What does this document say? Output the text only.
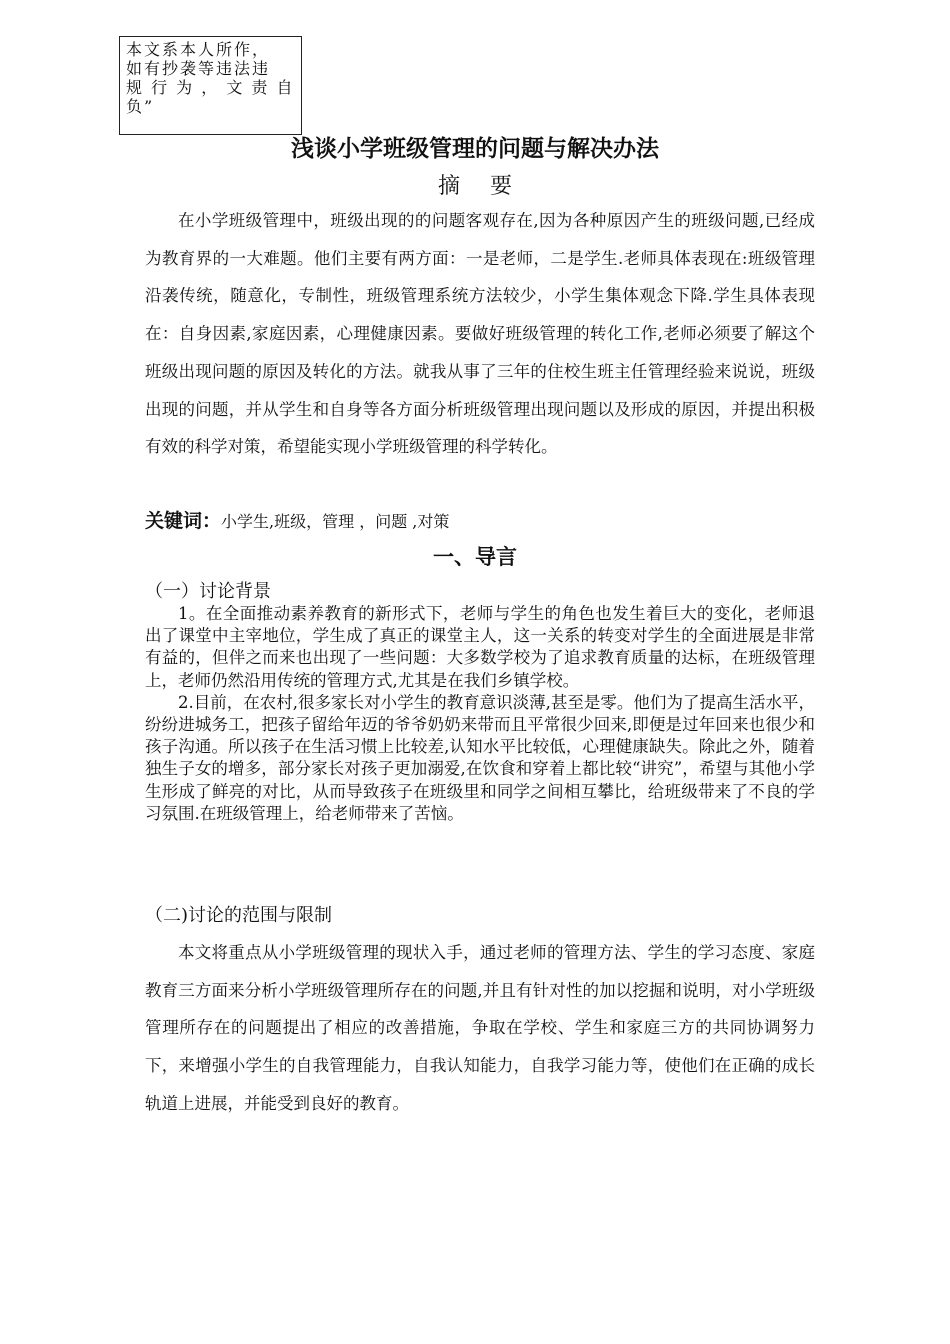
本文系本人所作，
如有抄袭等违法违
规 行 为 ， 文 责 自
负”
浅谈小学班级管理的问题与解决办法
摘要

在小学班级管理中，班级出现的的问题客观存在,因为各种原因产生的班级问题,已经成为教育界的一大难题。他们主要有两方面：一是老师，二是学生.老师具体表现在:班级管理沿袭传统，随意化，专制性，班级管理系统方法较少，小学生集体观念下降.学生具体表现在：自身因素,家庭因素，心理健康因素。要做好班级管理的转化工作,老师必须要了解这个班级出现问题的原因及转化的方法。就我从事了三年的住校生班主任管理经验来说说，班级出现的问题，并从学生和自身等各方面分析班级管理出现问题以及形成的原因，并提出积极有效的科学对策，希望能实现小学班级管理的科学转化。

关键词：小学生,班级，管理 ，问题 ,对策
一、导言
（一）讨论背景

1。在全面推动素养教育的新形式下，老师与学生的角色也发生着巨大的变化，老师退出了课堂中主宰地位，学生成了真正的课堂主人，这一关系的转变对学生的全面进展是非常有益的，但伴之而来也出现了一些问题：大多数学校为了追求教育质量的达标，在班级管理上，老师仍然沿用传统的管理方式,尤其是在我们乡镇学校。

2.目前，在农村,很多家长对小学生的教育意识淡薄,甚至是零。他们为了提高生活水平，纷纷进城务工，把孩子留给年迈的爷爷奶奶来带而且平常很少回来,即便是过年回来也很少和孩子沟通。所以孩子在生活习惯上比较差,认知水平比较低，心理健康缺失。除此之外，随着独生子女的增多，部分家长对孩子更加溺爱,在饮食和穿着上都比较“讲究”，希望与其他小学生形成了鲜亮的对比，从而导致孩子在班级里和同学之间相互攀比，给班级带来了不良的学习氛围.在班级管理上，给老师带来了苦恼。

（二)讨论的范围与限制

本文将重点从小学班级管理的现状入手，通过老师的管理方法、学生的学习态度、家庭教育三方面来分析小学班级管理所存在的问题,并且有针对性的加以挖掘和说明，对小学班级管理所存在的问题提出了相应的改善措施，争取在学校、学生和家庭三方的共同协调努力下，来增强小学生的自我管理能力，自我认知能力，自我学习能力等，使他们在正确的成长轨道上进展，并能受到良好的教育。
